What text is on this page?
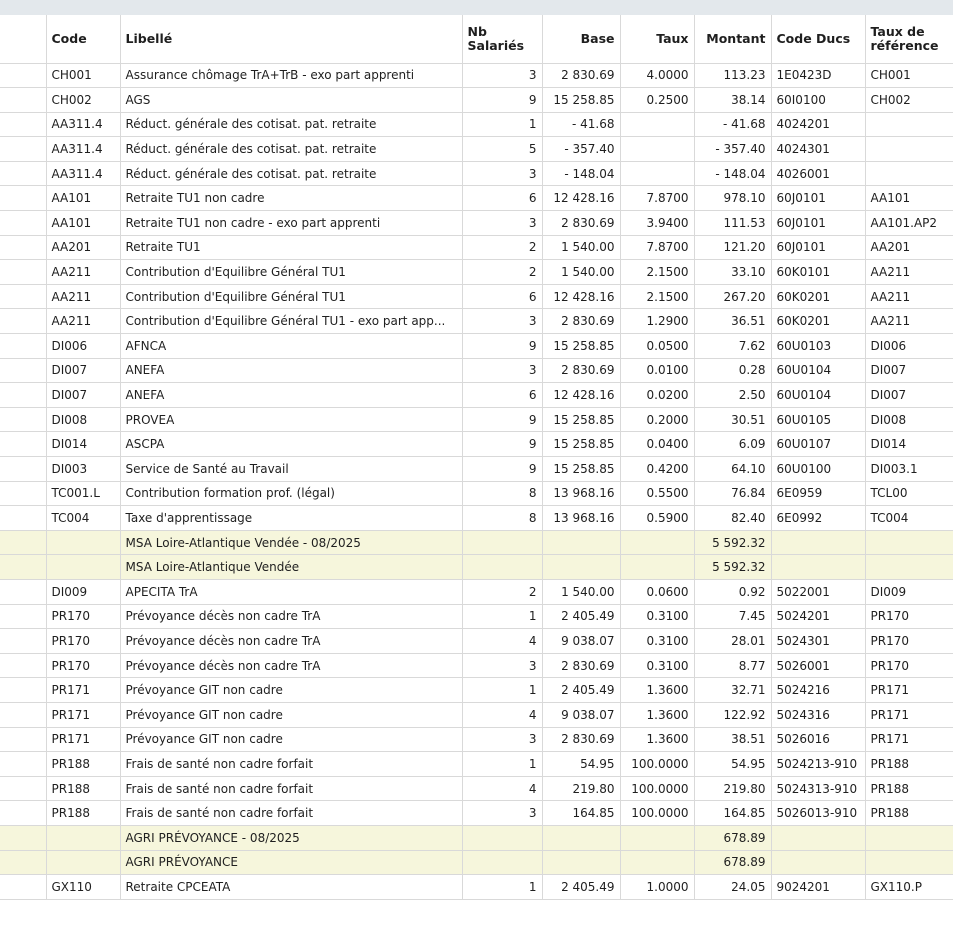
	Code	Libellé	Nb Salariés	Base	Taux	Montant	Code Ducs	Taux de référence
	CH001	Assurance chômage TrA+TrB - exo part apprenti	3	2 830.69	4.0000	113.23	1E0423D	CH001
	CH002	AGS	9	15 258.85	0.2500	38.14	60I0100	CH002
	AA311.4	Réduct. générale des cotisat. pat. retraite	1	- 41.68		- 41.68	4024201	
	AA311.4	Réduct. générale des cotisat. pat. retraite	5	- 357.40		- 357.40	4024301	
	AA311.4	Réduct. générale des cotisat. pat. retraite	3	- 148.04		- 148.04	4026001	
	AA101	Retraite TU1 non cadre	6	12 428.16	7.8700	978.10	60J0101	AA101
	AA101	Retraite TU1 non cadre - exo part apprenti	3	2 830.69	3.9400	111.53	60J0101	AA101.AP2
	AA201	Retraite TU1	2	1 540.00	7.8700	121.20	60J0101	AA201
	AA211	Contribution d'Equilibre Général TU1	2	1 540.00	2.1500	33.10	60K0101	AA211
	AA211	Contribution d'Equilibre Général TU1	6	12 428.16	2.1500	267.20	60K0201	AA211
	AA211	Contribution d'Equilibre Général TU1 - exo part app...	3	2 830.69	1.2900	36.51	60K0201	AA211
	DI006	AFNCA	9	15 258.85	0.0500	7.62	60U0103	DI006
	DI007	ANEFA	3	2 830.69	0.0100	0.28	60U0104	DI007
	DI007	ANEFA	6	12 428.16	0.0200	2.50	60U0104	DI007
	DI008	PROVEA	9	15 258.85	0.2000	30.51	60U0105	DI008
	DI014	ASCPA	9	15 258.85	0.0400	6.09	60U0107	DI014
	DI003	Service de Santé au Travail	9	15 258.85	0.4200	64.10	60U0100	DI003.1
	TC001.L	Contribution formation prof. (légal)	8	13 968.16	0.5500	76.84	6E0959	TCL00
	TC004	Taxe d'apprentissage	8	13 968.16	0.5900	82.40	6E0992	TC004
		MSA Loire-Atlantique Vendée - 08/2025				5 592.32		
		MSA Loire-Atlantique Vendée				5 592.32		
	DI009	APECITA TrA	2	1 540.00	0.0600	0.92	5022001	DI009
	PR170	Prévoyance décès non cadre TrA	1	2 405.49	0.3100	7.45	5024201	PR170
	PR170	Prévoyance décès non cadre TrA	4	9 038.07	0.3100	28.01	5024301	PR170
	PR170	Prévoyance décès non cadre TrA	3	2 830.69	0.3100	8.77	5026001	PR170
	PR171	Prévoyance GIT non cadre	1	2 405.49	1.3600	32.71	5024216	PR171
	PR171	Prévoyance GIT non cadre	4	9 038.07	1.3600	122.92	5024316	PR171
	PR171	Prévoyance GIT non cadre	3	2 830.69	1.3600	38.51	5026016	PR171
	PR188	Frais de santé non cadre forfait	1	54.95	100.0000	54.95	5024213-910	PR188
	PR188	Frais de santé non cadre forfait	4	219.80	100.0000	219.80	5024313-910	PR188
	PR188	Frais de santé non cadre forfait	3	164.85	100.0000	164.85	5026013-910	PR188
		AGRI PRÉVOYANCE - 08/2025				678.89		
		AGRI PRÉVOYANCE				678.89		
	GX110	Retraite CPCEATA	1	2 405.49	1.0000	24.05	9024201	GX110.P
